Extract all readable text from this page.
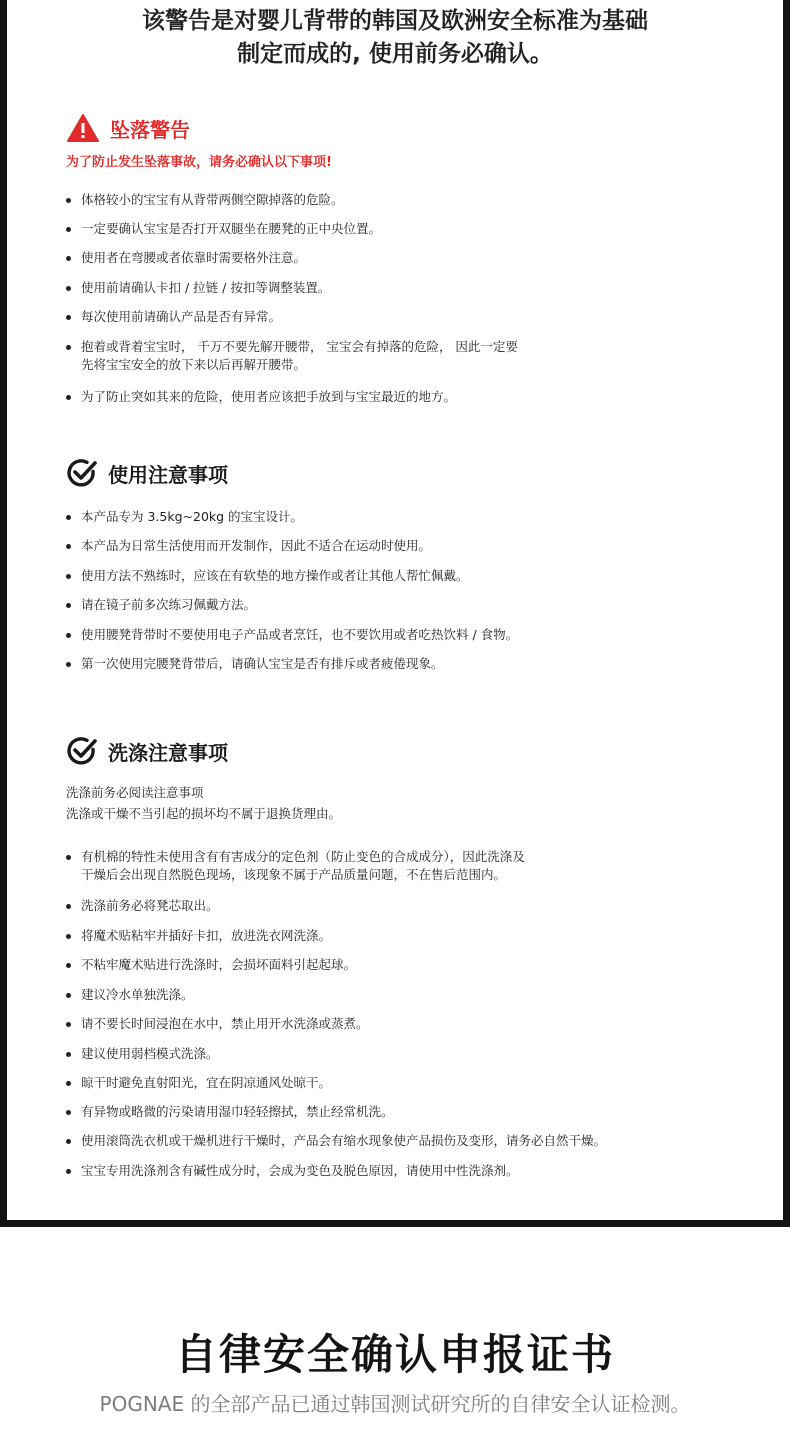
该警告是对婴儿背带的韩国及欧洲安全标准为基础
制定而成的, 使用前务必确认。
坠落警告
为了防止发生坠落事故，请务必确认以下事项!
体格较小的宝宝有从背带两侧空隙掉落的危险。
一定要确认宝宝是否打开双腿坐在腰凳的正中央位置。
使用者在弯腰或者依靠时需要格外注意。
使用前请确认卡扣 / 拉链 / 按扣等调整装置。
每次使用前请确认产品是否有异常。
抱着或背着宝宝时， 千万不要先解开腰带， 宝宝会有掉落的危险， 因此一定要
先将宝宝安全的放下来以后再解开腰带。
为了防止突如其来的危险，使用者应该把手放到与宝宝最近的地方。
使用注意事项
本产品专为 3.5kg~20kg 的宝宝设计。
本产品为日常生活使用而开发制作，因此不适合在运动时使用。
使用方法不熟练时，应该在有软垫的地方操作或者让其他人帮忙佩戴。
请在镜子前多次练习佩戴方法。
使用腰凳背带时不要使用电子产品或者烹饪，也不要饮用或者吃热饮料 / 食物。
第一次使用完腰凳背带后，请确认宝宝是否有排斥或者疲倦现象。
洗涤注意事项
洗涤前务必阅读注意事项
洗涤或干燥不当引起的损坏均不属于退换货理由。
有机棉的特性未使用含有有害成分的定色剂（防止变色的合成成分），因此洗涤及
干燥后会出现自然脱色现场，该现象不属于产品质量问题，不在售后范围内。
洗涤前务必将凳芯取出。
将魔术贴粘牢并插好卡扣，放进洗衣网洗涤。
不粘牢魔术贴进行洗涤时，会损坏面料引起起球。
建议冷水单独洗涤。
请不要长时间浸泡在水中，禁止用开水洗涤或蒸煮。
建议使用弱档模式洗涤。
晾干时避免直射阳光，宜在阴凉通风处晾干。
有异物或略微的污染请用湿巾轻轻擦拭，禁止经常机洗。
使用滚筒洗衣机或干燥机进行干燥时，产品会有缩水现象使产品损伤及变形，请务必自然干燥。
宝宝专用洗涤剂含有碱性成分时，会成为变色及脱色原因，请使用中性洗涤剂。
自律安全确认申报证书
POGNAE 的全部产品已通过韩国测试研究所的自律安全认证检测。
